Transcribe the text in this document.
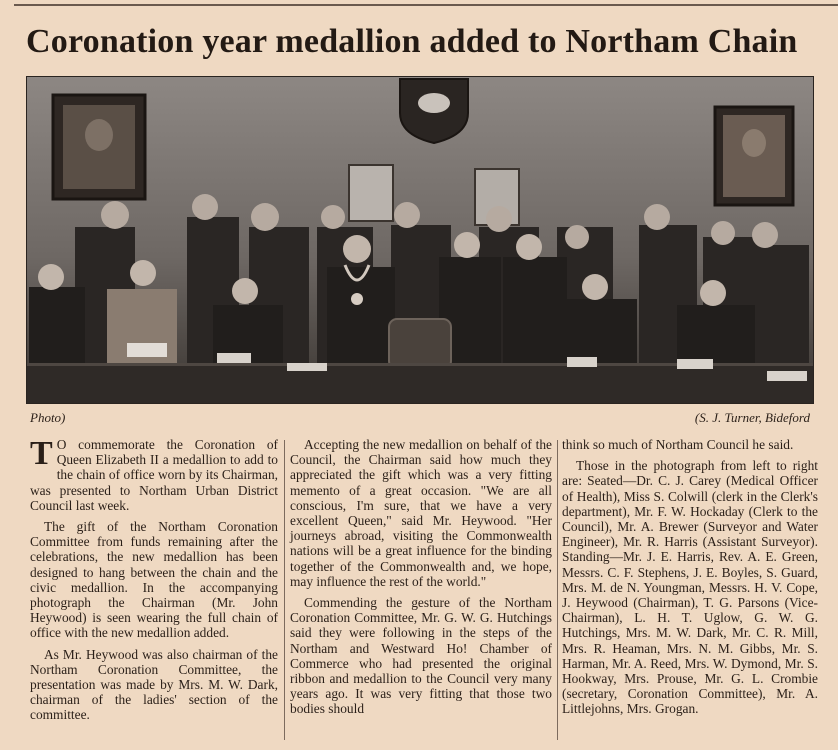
Coronation year medallion added to Northam Chain
Photo)	(S. J. Turner, Bideford

T O commemorate the Coronation of Queen Elizabeth II a medallion to add to the chain of office worn by its Chairman, was presented to Northam Urban District Council last week.

The gift of the Northam Coronation Committee from funds remaining after the celebrations, the new medallion has been designed to hang between the chain and the civic medallion. In the accompanying photograph the Chairman (Mr. John Heywood) is seen wearing the full chain of office with the new medallion added.

As Mr. Heywood was also chairman of the Northam Coronation Committee, the presentation was made by Mrs. M. W. Dark, chairman of the ladies' section of the committee.

Accepting the new medallion on behalf of the Council, the Chairman said how much they appreciated the gift which was a very fitting memento of a great occasion. "We are all conscious, I'm sure, that we have a very excellent Queen," said Mr. Heywood. "Her journeys abroad, visiting the Commonwealth nations will be a great influence for the binding together of the Commonwealth and, we hope, may influence the rest of the world."

Commending the gesture of the Northam Coronation Committee, Mr. G. W. G. Hutchings said they were following in the steps of the Northam and Westward Ho! Chamber of Commerce who had presented the original ribbon and medallion to the Council very many years ago. It was very fitting that those two bodies should

think so much of Northam Council he said.

Those in the photograph from left to right are: Seated—Dr. C. J. Carey (Medical Officer of Health), Miss S. Colwill (clerk in the Clerk's department), Mr. F. W. Hockaday (Clerk to the Council), Mr. A. Brewer (Surveyor and Water Engineer), Mr. R. Harris (Assistant Surveyor). Standing—Mr. J. E. Harris, Rev. A. E. Green, Messrs. C. F. Stephens, J. E. Boyles, S. Guard, Mrs. M. de N. Youngman, Messrs. H. V. Cope, J. Heywood (Chairman), T. G. Parsons (Vice-Chairman), L. H. T. Uglow, G. W. G. Hutchings, Mrs. M. W. Dark, Mr. C. R. Mill, Mrs. R. Heaman, Mrs. N. M. Gibbs, Mr. S. Harman, Mr. A. Reed, Mrs. W. Dymond, Mr. S. Hookway, Mrs. Prouse, Mr. G. L. Crombie (secretary, Coronation Committee), Mr. A. Littlejohns, Mrs. Grogan.
